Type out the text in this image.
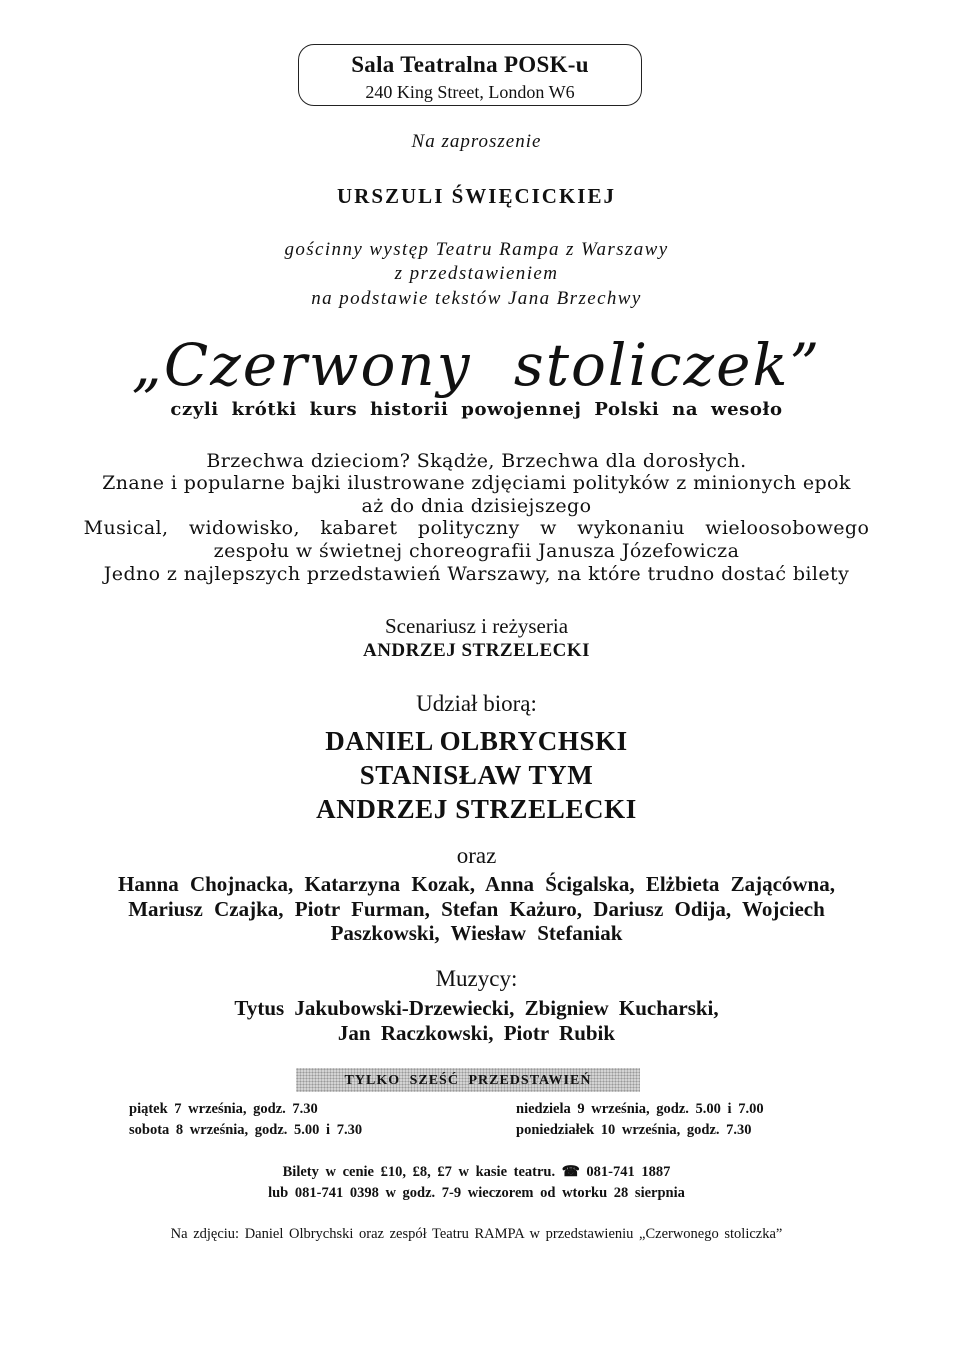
Sala Teatralna POSK-u
240 King Street, London W6
Na zaproszenie
URSZULI ŚWIĘCICKIEJ
gościnny występ Teatru Rampa z Warszawy
z przedstawieniem
na podstawie tekstów Jana Brzechwy
„Czerwony stoliczek”
czyli krótki kurs historii powojennej Polski na wesoło
Brzechwa dzieciom? Skądże, Brzechwa dla dorosłych.
Znane i popularne bajki ilustrowane zdjęciami polityków z minionych epok
aż do dnia dzisiejszego
Musical, widowisko, kabaret polityczny w wykonaniu wieloosobowego
zespołu w świetnej choreografii Janusza Józefowicza
Jedno z najlepszych przedstawień Warszawy, na które trudno dostać bilety
Scenariusz i reżyseria
ANDRZEJ STRZELECKI
Udział biorą:
DANIEL OLBRYCHSKI
STANISŁAW TYM
ANDRZEJ STRZELECKI
oraz
Hanna Chojnacka, Katarzyna Kozak, Anna Ścigalska, Elżbieta Zającówna,
Mariusz Czajka, Piotr Furman, Stefan Każuro, Dariusz Odija, Wojciech
Paszkowski, Wiesław Stefaniak
Muzycy:
Tytus Jakubowski-Drzewiecki, Zbigniew Kucharski,
Jan Raczkowski, Piotr Rubik
TYLKO SZEŚĆ PRZEDSTAWIEŃ
piątek 7 września, godz. 7.30
sobota 8 września, godz. 5.00 i 7.30
niedziela 9 września, godz. 5.00 i 7.00
poniedziałek 10 września, godz. 7.30
Bilety w cenie £10, £8, £7 w kasie teatru. ☎ 081-741 1887
lub 081-741 0398 w godz. 7-9 wieczorem od wtorku 28 sierpnia
Na zdjęciu: Daniel Olbrychski oraz zespół Teatru RAMPA w przedstawieniu „Czerwonego stoliczka”
